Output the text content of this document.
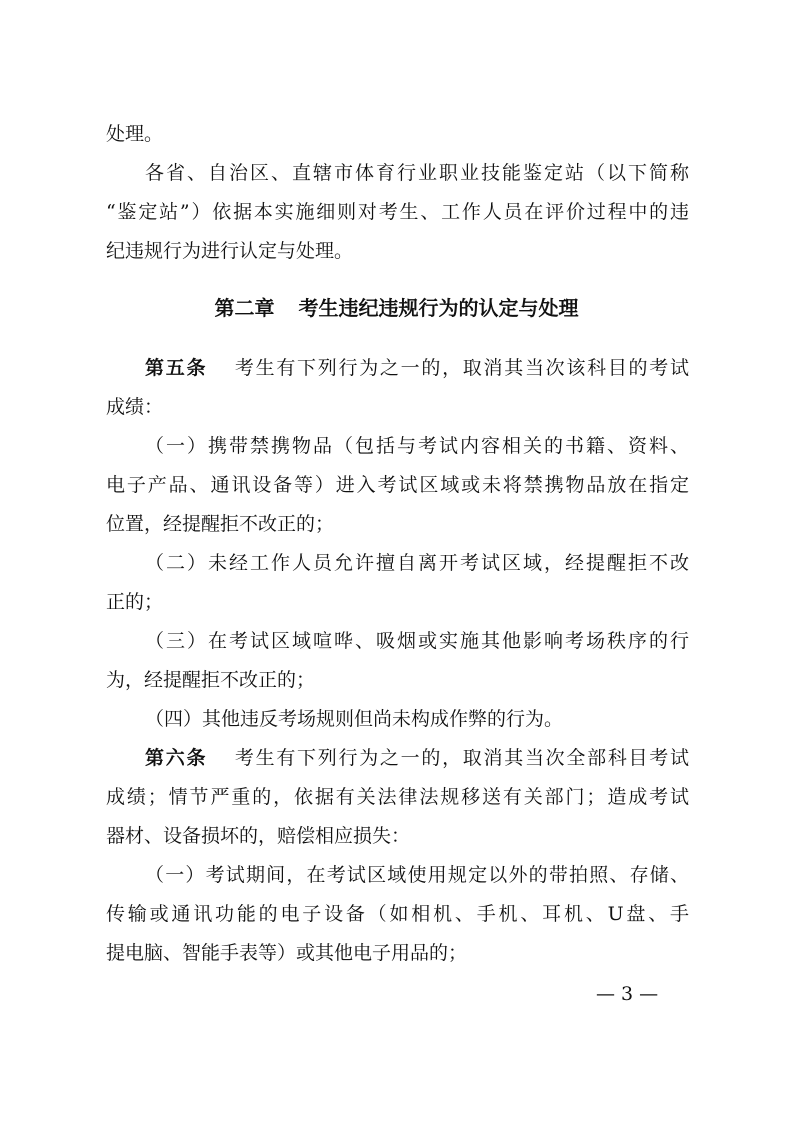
处理。
各省、自治区、直辖市体育行业职业技能鉴定站（以下简称
“鉴定站”）依据本实施细则对考生、工作人员在评价过程中的违
纪违规行为进行认定与处理。
第二章 考生违纪违规行为的认定与处理
第五条 考生有下列行为之一的，取消其当次该科目的考试
成绩：
（一）携带禁携物品（包括与考试内容相关的书籍、资料、
电子产品、通讯设备等）进入考试区域或未将禁携物品放在指定
位置，经提醒拒不改正的；
（二）未经工作人员允许擅自离开考试区域，经提醒拒不改
正的；
（三）在考试区域喧哗、吸烟或实施其他影响考场秩序的行
为，经提醒拒不改正的；
（四）其他违反考场规则但尚未构成作弊的行为。
第六条 考生有下列行为之一的，取消其当次全部科目考试
成绩；情节严重的，依据有关法律法规移送有关部门；造成考试
器材、设备损坏的，赔偿相应损失：
（一）考试期间，在考试区域使用规定以外的带拍照、存储、
传输或通讯功能的电子设备（如相机、手机、耳机、U盘、手
提电脑、智能手表等）或其他电子用品的；
— 3 —
